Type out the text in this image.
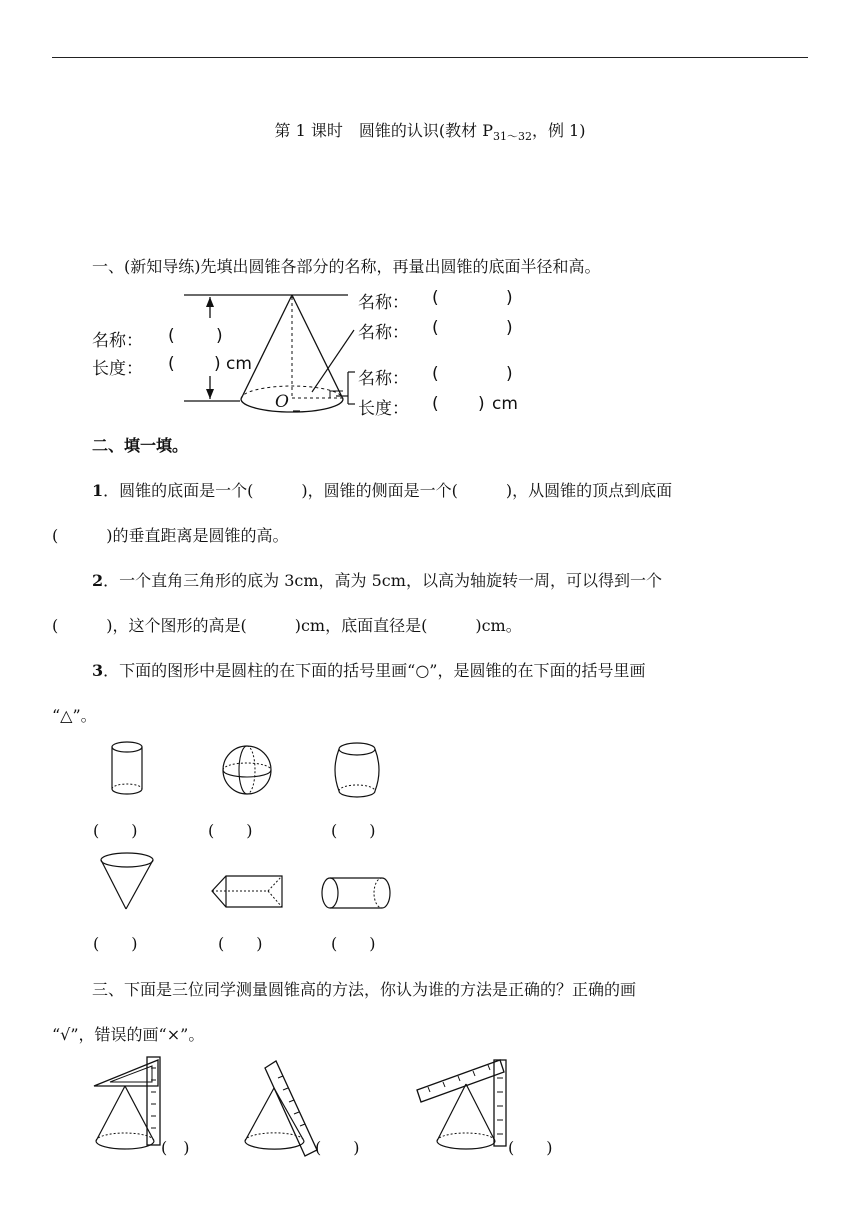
第 1 课时　圆锥的认识(教材 $P_{31\sim 32}$，例 1)
一、(新知导练)先填出圆锥各部分的名称，再量出圆锥的底面半径和高。
名称： ( )
长度： ( ) cm
名称： (	)
名称： (	)
名称： (	)
长度： ( ) cm
O
二、填一填。
1．圆锥的底面是一个(　　　)，圆锥的侧面是一个(　　　)，从圆锥的顶点到底面
(　　　)的垂直距离是圆锥的高。
2．一个直角三角形的底为 3cm，高为 5cm，以高为轴旋转一周，可以得到一个
(　　　)，这个图形的高是(　　　)cm，底面直径是(　　　)cm。
3．下面的图形中是圆柱的在下面的括号里画“○”，是圆锥的在下面的括号里画
“△”。
(　　)	(　　)	(　　)
(　　)	(　　)	(　　)
三、下面是三位同学测量圆锥高的方法，你认为谁的方法是正确的？正确的画
“√”，错误的画“×”。
(　)	(　　)	(　　)
